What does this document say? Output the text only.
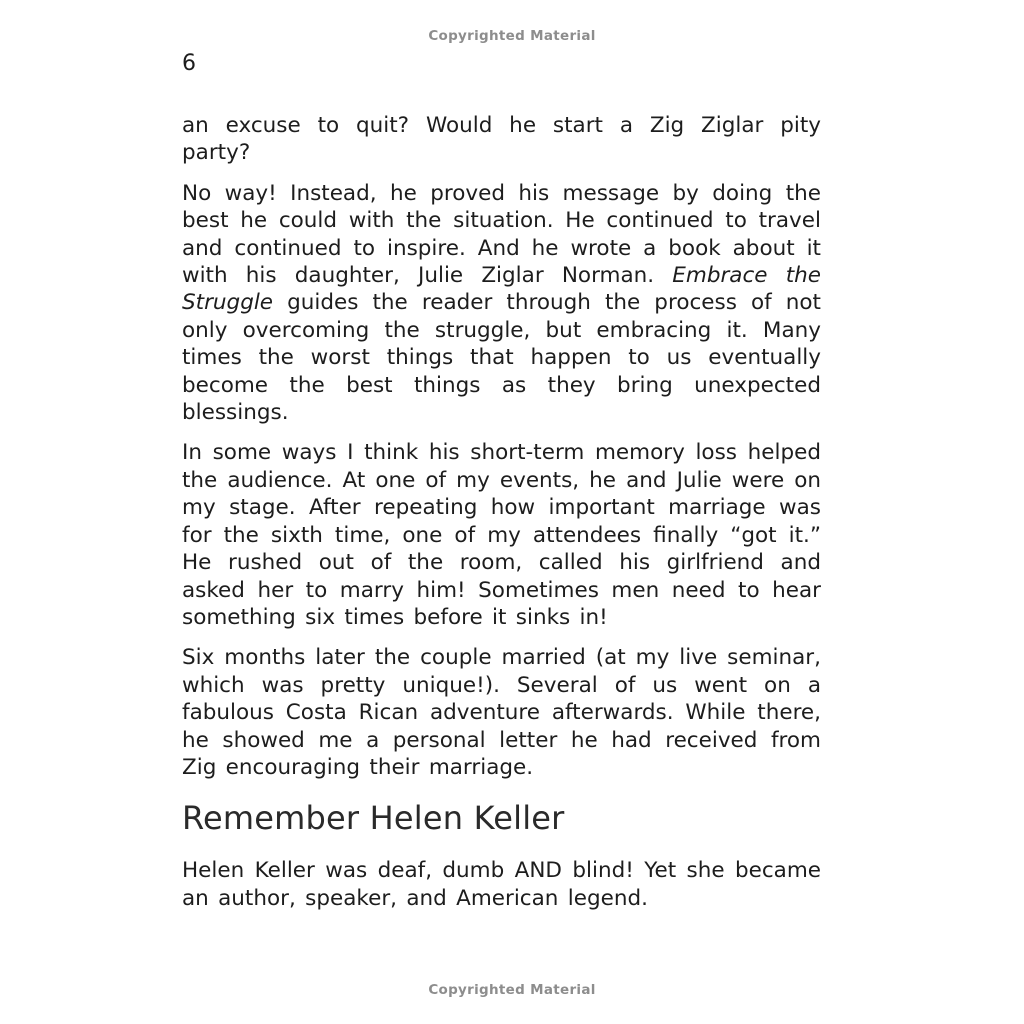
Copyrighted Material
6

an excuse to quit? Would he start a Zig Ziglar pity party?

No way! Instead, he proved his message by doing the best he could with the situation. He continued to travel and continued to inspire. And he wrote a book about it with his daughter, Julie Ziglar Norman. Embrace the Struggle guides the reader through the process of not only overcoming the struggle, but embracing it. Many times the worst things that happen to us eventually become the best things as they bring unexpected blessings.

In some ways I think his short-term memory loss helped the audience. At one of my events, he and Julie were on my stage. After repeating how important marriage was for the sixth time, one of my attendees finally “got it.” He rushed out of the room, called his girlfriend and asked her to marry him! Sometimes men need to hear something six times before it sinks in!

Six months later the couple married (at my live seminar, which was pretty unique!). Several of us went on a fabulous Costa Rican adventure afterwards. While there, he showed me a personal letter he had received from Zig encouraging their marriage.

Remember Helen Keller

Helen Keller was deaf, dumb AND blind! Yet she became an author, speaker, and American legend.

Copyrighted Material
